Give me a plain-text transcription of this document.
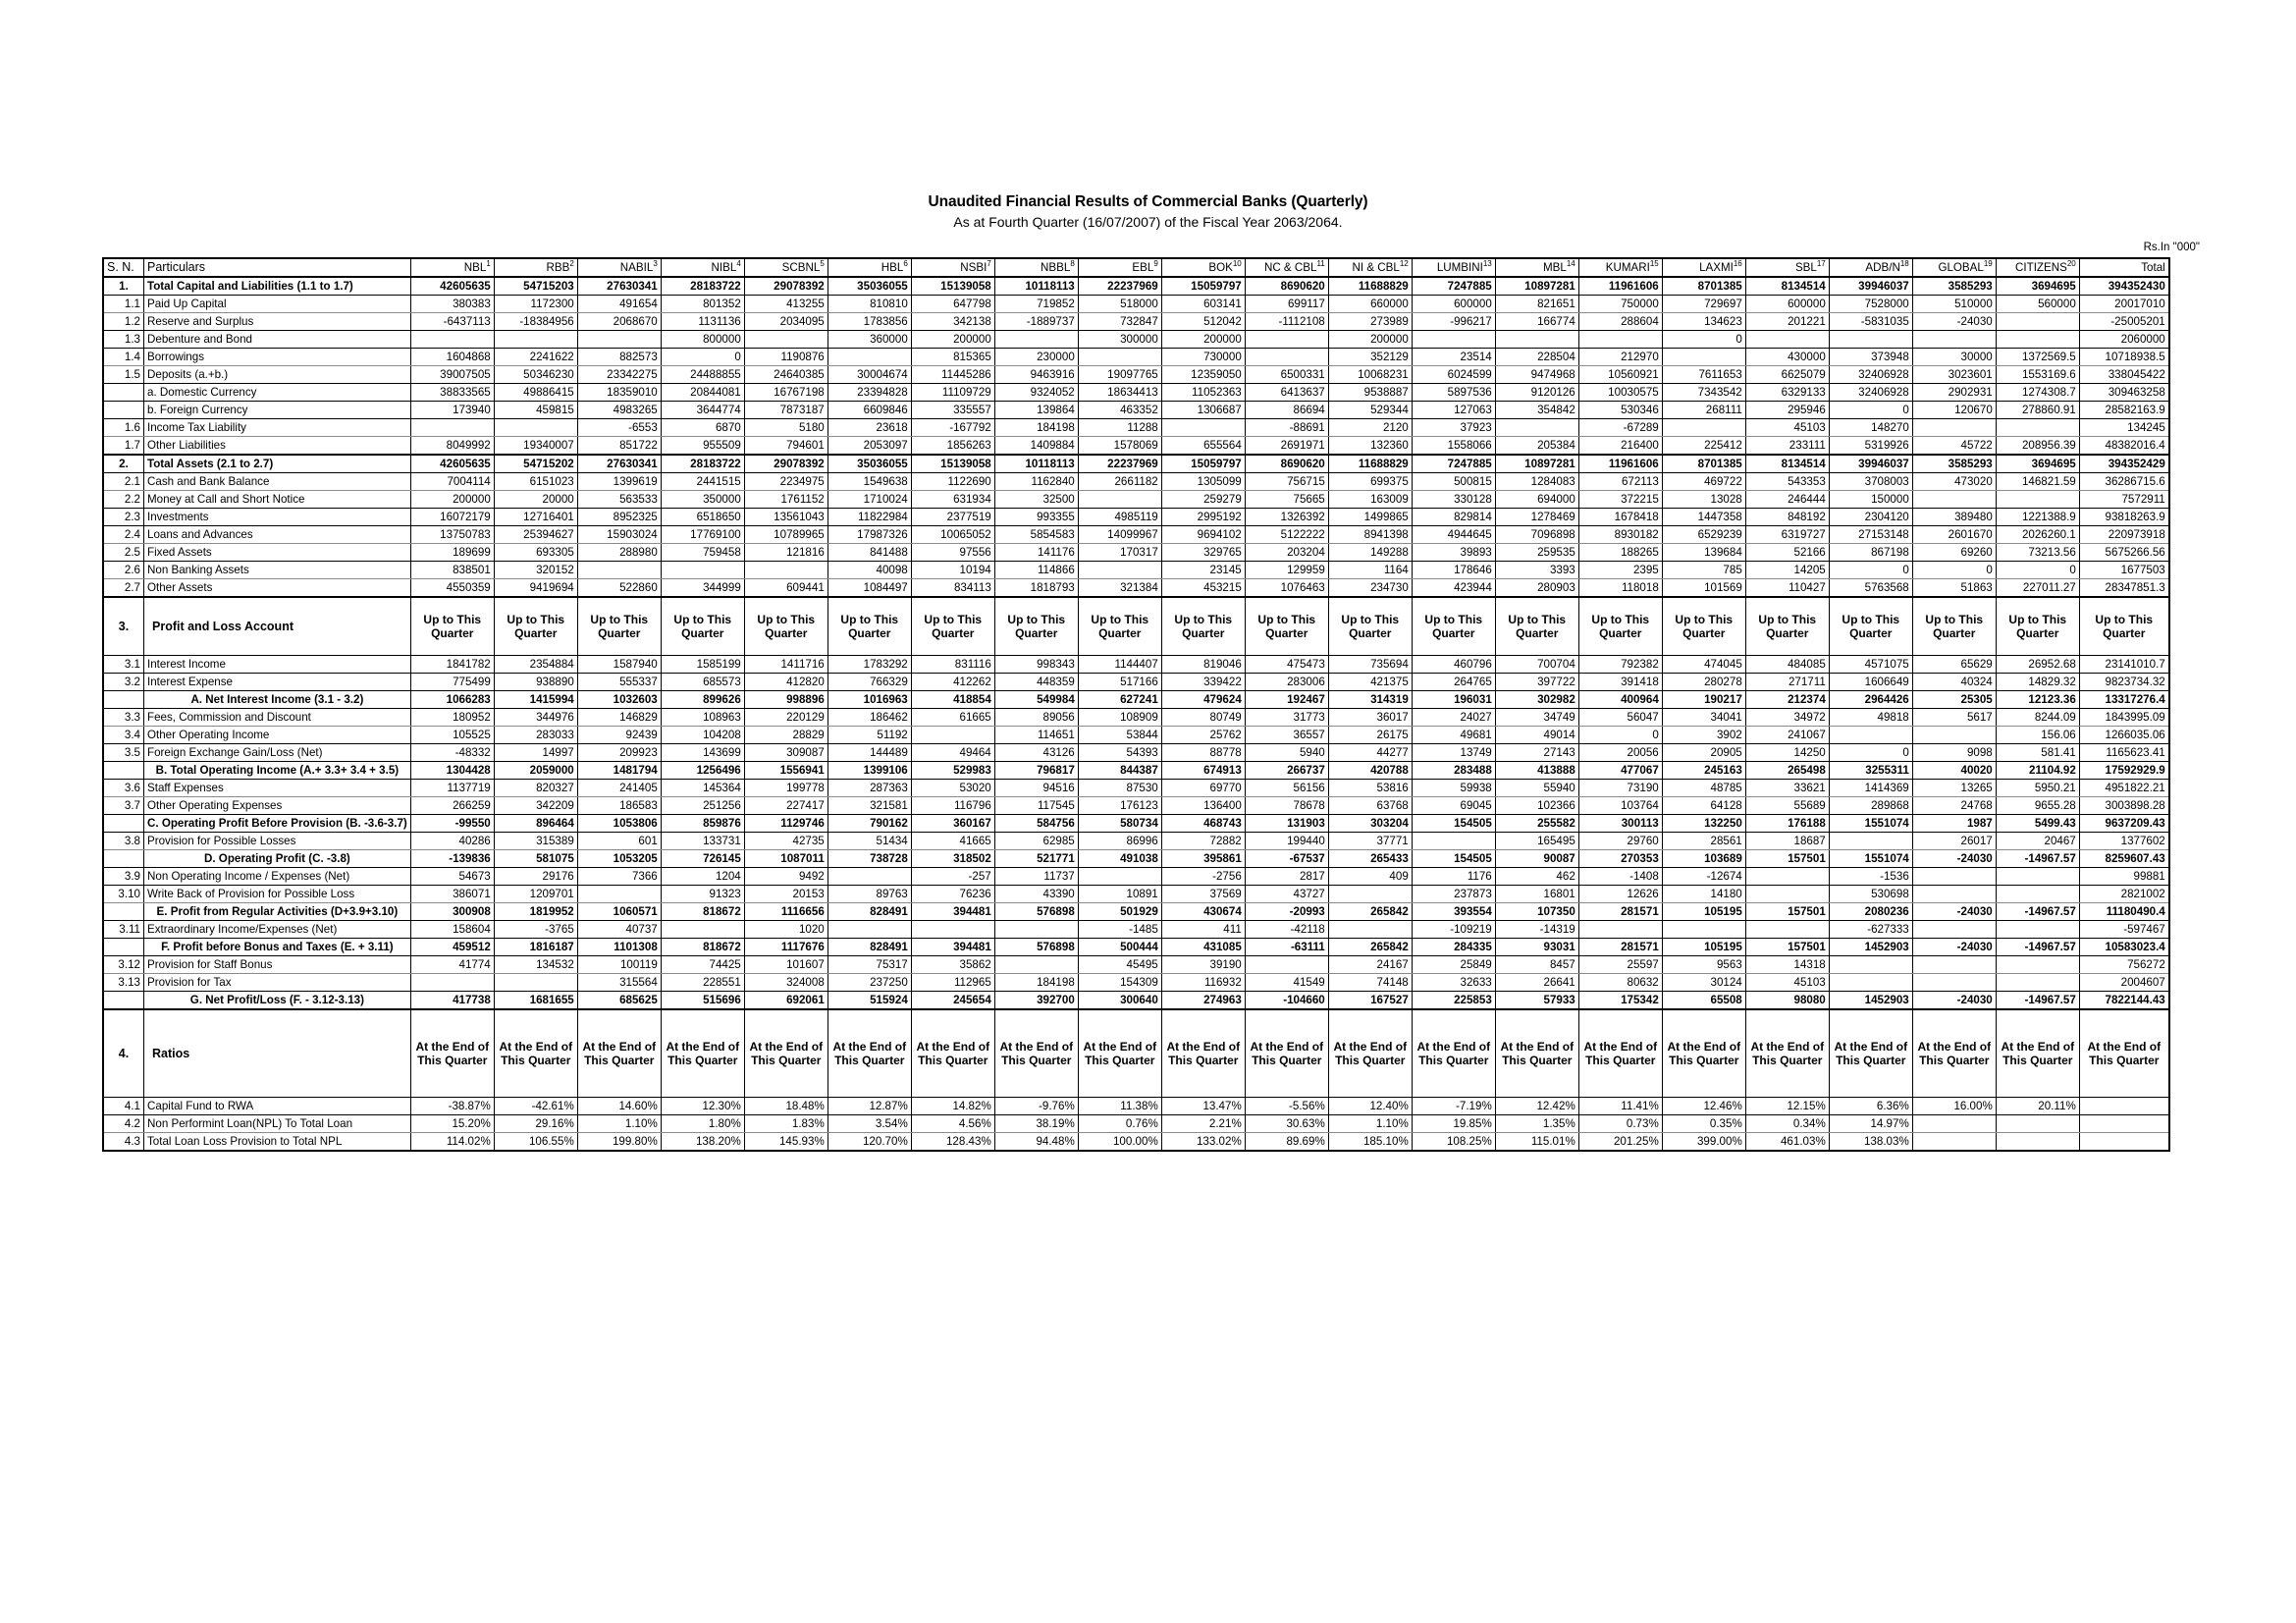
Unaudited Financial Results of Commercial Banks (Quarterly)
As at Fourth Quarter (16/07/2007) of the Fiscal Year 2063/2064.
Rs.In "000"
S. N.	Particulars	NBL$^1$	RBB$^2$	NABIL$^3$	NIBL$^4$	SCBNL$^5$	HBL$^6$	NSBI$^7$	NBBL$^8$	EBL$^9$	BOK$^{10}$	NC & CBL$^{11}$	NI & CBL$^{12}$	LUMBINI$^{13}$	MBL$^{14}$	KUMARI$^{15}$	LAXMI$^{16}$	SBL$^{17}$	ADB/$N^{18}$	GLOBAL$^{19}$	CITIZENS$^{20}$	Total
1.	Total Capital and Liabilities (1.1 to 1.7)	42605635	54715203	27630341	28183722	29078392	35036055	15139058	10118113	22237969	15059797	8690620	11688829	7247885	10897281	11961606	8701385	8134514	39946037	3585293	3694695	394352430
1.1	Paid Up Capital	380383	1172300	491654	801352	413255	810810	647798	719852	518000	603141	699117	660000	600000	821651	750000	729697	600000	7528000	510000	560000	20017010
1.2	Reserve and Surplus	-6437113	-18384956	2068670	1131136	2034095	1783856	342138	-1889737	732847	512042	-1112108	273989	-996217	166774	288604	134623	201221	-5831035	-24030		-25005201
1.3	Debenture and Bond				800000		360000	200000		300000	200000		200000				0					2060000
1.4	Borrowings	1604868	2241622	882573	0	1190876		815365	230000		730000		352129	23514	228504	212970		430000	373948	30000	1372569.5	10718938.5
1.5	Deposits (a.+b.)	39007505	50346230	23342275	24488855	24640385	30004674	11445286	9463916	19097765	12359050	6500331	10068231	6024599	9474968	10560921	7611653	6625079	32406928	3023601	1553169.6	338045422
	a. Domestic Currency	38833565	49886415	18359010	20844081	16767198	23394828	11109729	9324052	18634413	11052363	6413637	9538887	5897536	9120126	10030575	7343542	6329133	32406928	2902931	1274308.7	309463258
	b. Foreign Currency	173940	459815	4983265	3644774	7873187	6609846	335557	139864	463352	1306687	86694	529344	127063	354842	530346	268111	295946	0	120670	278860.91	28582163.9
1.6	Income Tax Liability			-6553	6870	5180	23618	-167792	184198	11288		-88691	2120	37923		-67289		45103	148270			134245
1.7	Other Liabilities	8049992	19340007	851722	955509	794601	2053097	1856263	1409884	1578069	655564	2691971	132360	1558066	205384	216400	225412	233111	5319926	45722	208956.39	48382016.4
2.	Total Assets (2.1 to 2.7)	42605635	54715202	27630341	28183722	29078392	35036055	15139058	10118113	22237969	15059797	8690620	11688829	7247885	10897281	11961606	8701385	8134514	39946037	3585293	3694695	394352429
2.1	Cash and Bank Balance	7004114	6151023	1399619	2441515	2234975	1549638	1122690	1162840	2661182	1305099	756715	699375	500815	1284083	672113	469722	543353	3708003	473020	146821.59	36286715.6
2.2	Money at Call and Short Notice	200000	20000	563533	350000	1761152	1710024	631934	32500		259279	75665	163009	330128	694000	372215	13028	246444	150000			7572911
2.3	Investments	16072179	12716401	8952325	6518650	13561043	11822984	2377519	993355	4985119	2995192	1326392	1499865	829814	1278469	1678418	1447358	848192	2304120	389480	1221388.9	93818263.9
2.4	Loans and Advances	13750783	25394627	15903024	17769100	10789965	17987326	10065052	5854583	14099967	9694102	5122222	8941398	4944645	7096898	8930182	6529239	6319727	27153148	2601670	2026260.1	220973918
2.5	Fixed Assets	189699	693305	288980	759458	121816	841488	97556	141176	170317	329765	203204	149288	39893	259535	188265	139684	52166	867198	69260	73213.56	5675266.56
2.6	Non Banking Assets	838501	320152				40098	10194	114866		23145	129959	1164	178646	3393	2395	785	14205	0	0	0	1677503
2.7	Other Assets	4550359	9419694	522860	344999	609441	1084497	834113	1818793	321384	453215	1076463	234730	423944	280903	118018	101569	110427	5763568	51863	227011.27	28347851.3
3.	Profit and Loss Account	Up to This Quarter	Up to This Quarter	Up to This Quarter	Up to This Quarter	Up to This Quarter	Up to This Quarter	Up to This Quarter	Up to This Quarter	Up to This Quarter	Up to This Quarter	Up to This Quarter	Up to This Quarter	Up to This Quarter	Up to This Quarter	Up to This Quarter	Up to This Quarter	Up to This Quarter	Up to This Quarter	Up to This Quarter	Up to This Quarter	Up to This Quarter
3.1	Interest Income	1841782	2354884	1587940	1585199	1411716	1783292	831116	998343	1144407	819046	475473	735694	460796	700704	792382	474045	484085	4571075	65629	26952.68	23141010.7
3.2	Interest Expense	775499	938890	555337	685573	412820	766329	412262	448359	517166	339422	283006	421375	264765	397722	391418	280278	271711	1606649	40324	14829.32	9823734.32
	A. Net Interest Income (3.1 - 3.2)	1066283	1415994	1032603	899626	998896	1016963	418854	549984	627241	479624	192467	314319	196031	302982	400964	190217	212374	2964426	25305	12123.36	13317276.4
3.3	Fees, Commission and Discount	180952	344976	146829	108963	220129	186462	61665	89056	108909	80749	31773	36017	24027	34749	56047	34041	34972	49818	5617	8244.09	1843995.09
3.4	Other Operating Income	105525	283033	92439	104208	28829	51192		114651	53844	25762	36557	26175	49681	49014	0	3902	241067			156.06	1266035.06
3.5	Foreign Exchange Gain/Loss (Net)	-48332	14997	209923	143699	309087	144489	49464	43126	54393	88778	5940	44277	13749	27143	20056	20905	14250	0	9098	581.41	1165623.41
	B. Total Operating Income (A.+ 3.3+ 3.4 + 3.5)	1304428	2059000	1481794	1256496	1556941	1399106	529983	796817	844387	674913	266737	420788	283488	413888	477067	245163	265498	3255311	40020	21104.92	17592929.9
3.6	Staff Expenses	1137719	820327	241405	145364	199778	287363	53020	94516	87530	69770	56156	53816	59938	55940	73190	48785	33621	1414369	13265	5950.21	4951822.21
3.7	Other Operating Expenses	266259	342209	186583	251256	227417	321581	116796	117545	176123	136400	78678	63768	69045	102366	103764	64128	55689	289868	24768	9655.28	3003898.28
	C. Operating Profit Before Provision (B. -3.6-3.7)	-99550	896464	1053806	859876	1129746	790162	360167	584756	580734	468743	131903	303204	154505	255582	300113	132250	176188	1551074	1987	5499.43	9637209.43
3.8	Provision for Possible Losses	40286	315389	601	133731	42735	51434	41665	62985	86996	72882	199440	37771		165495	29760	28561	18687		26017	20467	1377602
	D. Operating Profit (C. -3.8)	-139836	581075	1053205	726145	1087011	738728	318502	521771	491038	395861	-67537	265433	154505	90087	270353	103689	157501	1551074	-24030	-14967.57	8259607.43
3.9	Non Operating Income / Expenses (Net)	54673	29176	7366	1204	9492		-257	11737		-2756	2817	409	1176	462	-1408	-12674		-1536			99881
3.10	Write Back of Provision for Possible Loss	386071	1209701		91323	20153	89763	76236	43390	10891	37569	43727		237873	16801	12626	14180		530698			2821002
	E. Profit from Regular Activities (D+3.9+3.10)	300908	1819952	1060571	818672	1116656	828491	394481	576898	501929	430674	-20993	265842	393554	107350	281571	105195	157501	2080236	-24030	-14967.57	11180490.4
3.11	Extraordinary Income/Expenses (Net)	158604	-3765	40737		1020				-1485	411	-42118		-109219	-14319				-627333			-597467
	F. Profit before Bonus and Taxes (E. + 3.11)	459512	1816187	1101308	818672	1117676	828491	394481	576898	500444	431085	-63111	265842	284335	93031	281571	105195	157501	1452903	-24030	-14967.57	10583023.4
3.12	Provision for Staff Bonus	41774	134532	100119	74425	101607	75317	35862		45495	39190		24167	25849	8457	25597	9563	14318				756272
3.13	Provision for Tax			315564	228551	324008	237250	112965	184198	154309	116932	41549	74148	32633	26641	80632	30124	45103				2004607
	G. Net Profit/Loss (F. - 3.12-3.13)	417738	1681655	685625	515696	692061	515924	245654	392700	300640	274963	-104660	167527	225853	57933	175342	65508	98080	1452903	-24030	-14967.57	7822144.43
4.	Ratios	At the End of This Quarter	At the End of This Quarter	At the End of This Quarter	At the End of This Quarter	At the End of This Quarter	At the End of This Quarter	At the End of This Quarter	At the End of This Quarter	At the End of This Quarter	At the End of This Quarter	At the End of This Quarter	At the End of This Quarter	At the End of This Quarter	At the End of This Quarter	At the End of This Quarter	At the End of This Quarter	At the End of This Quarter	At the End of This Quarter	At the End of This Quarter	At the End of This Quarter	At the End of This Quarter
4.1	Capital Fund to RWA	-38.87%	-42.61%	14.60%	12.30%	18.48%	12.87%	14.82%	-9.76%	11.38%	13.47%	-5.56%	12.40%	-7.19%	12.42%	11.41%	12.46%	12.15%	6.36%	16.00%	20.11%	
4.2	Non Performint Loan(NPL) To Total Loan	15.20%	29.16%	1.10%	1.80%	1.83%	3.54%	4.56%	38.19%	0.76%	2.21%	30.63%	1.10%	19.85%	1.35%	0.73%	0.35%	0.34%	14.97%			
4.3	Total Loan Loss Provision to Total NPL	114.02%	106.55%	199.80%	138.20%	145.93%	120.70%	128.43%	94.48%	100.00%	133.02%	89.69%	185.10%	108.25%	115.01%	201.25%	399.00%	461.03%	138.03%			
